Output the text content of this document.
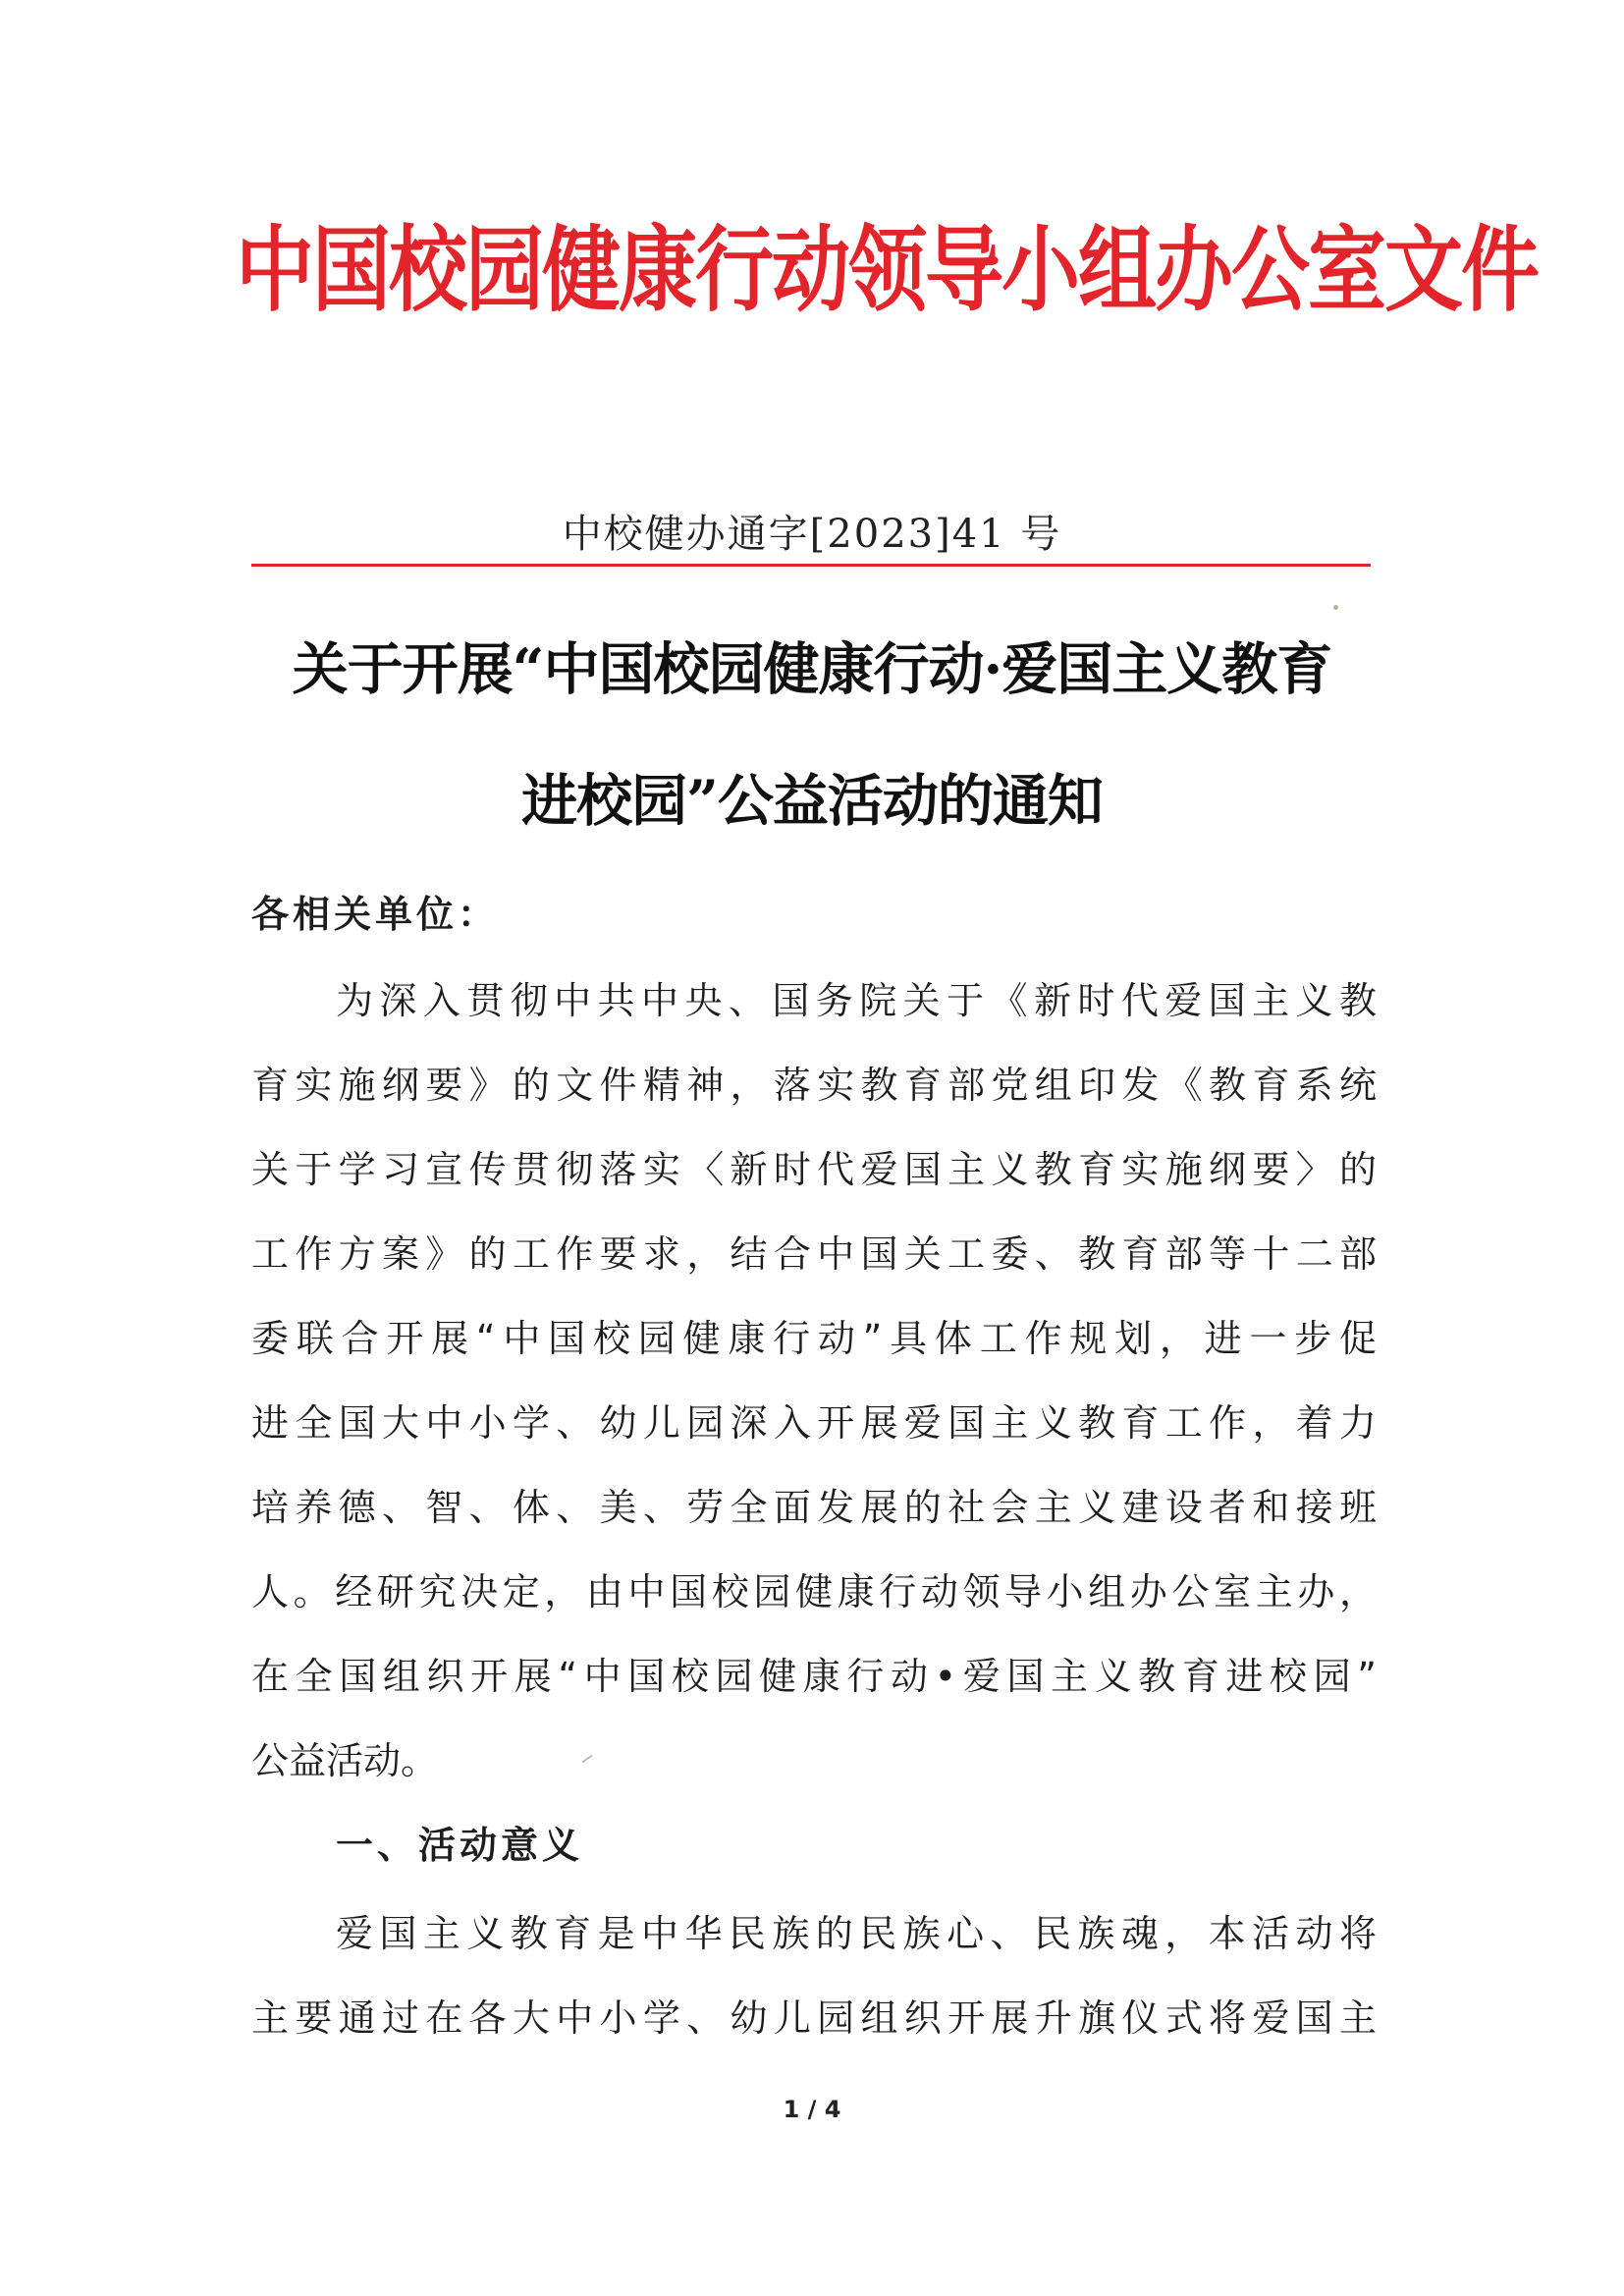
中国校园健康行动领导小组办公室文件
中校健办通字[2023]41 号
关于开展“中国校园健康行动·爱国主义教育
进校园”公益活动的通知
各相关单位：
为深入贯彻中共中央、国务院关于《新时代爱国主义教
育实施纲要》的文件精神，落实教育部党组印发《教育系统
关于学习宣传贯彻落实〈新时代爱国主义教育实施纲要〉的
工作方案》的工作要求，结合中国关工委、教育部等十二部
委联合开展“中国校园健康行动”具体工作规划，进一步促
进全国大中小学、幼儿园深入开展爱国主义教育工作，着力
培养德、智、体、美、劳全面发展的社会主义建设者和接班
人。经研究决定，由中国校园健康行动领导小组办公室主办，
在全国组织开展“中国校园健康行动•爱国主义教育进校园”
公益活动。
一、活动意义
爱国主义教育是中华民族的民族心、民族魂，本活动将
主要通过在各大中小学、幼儿园组织开展升旗仪式将爱国主
1 / 4
